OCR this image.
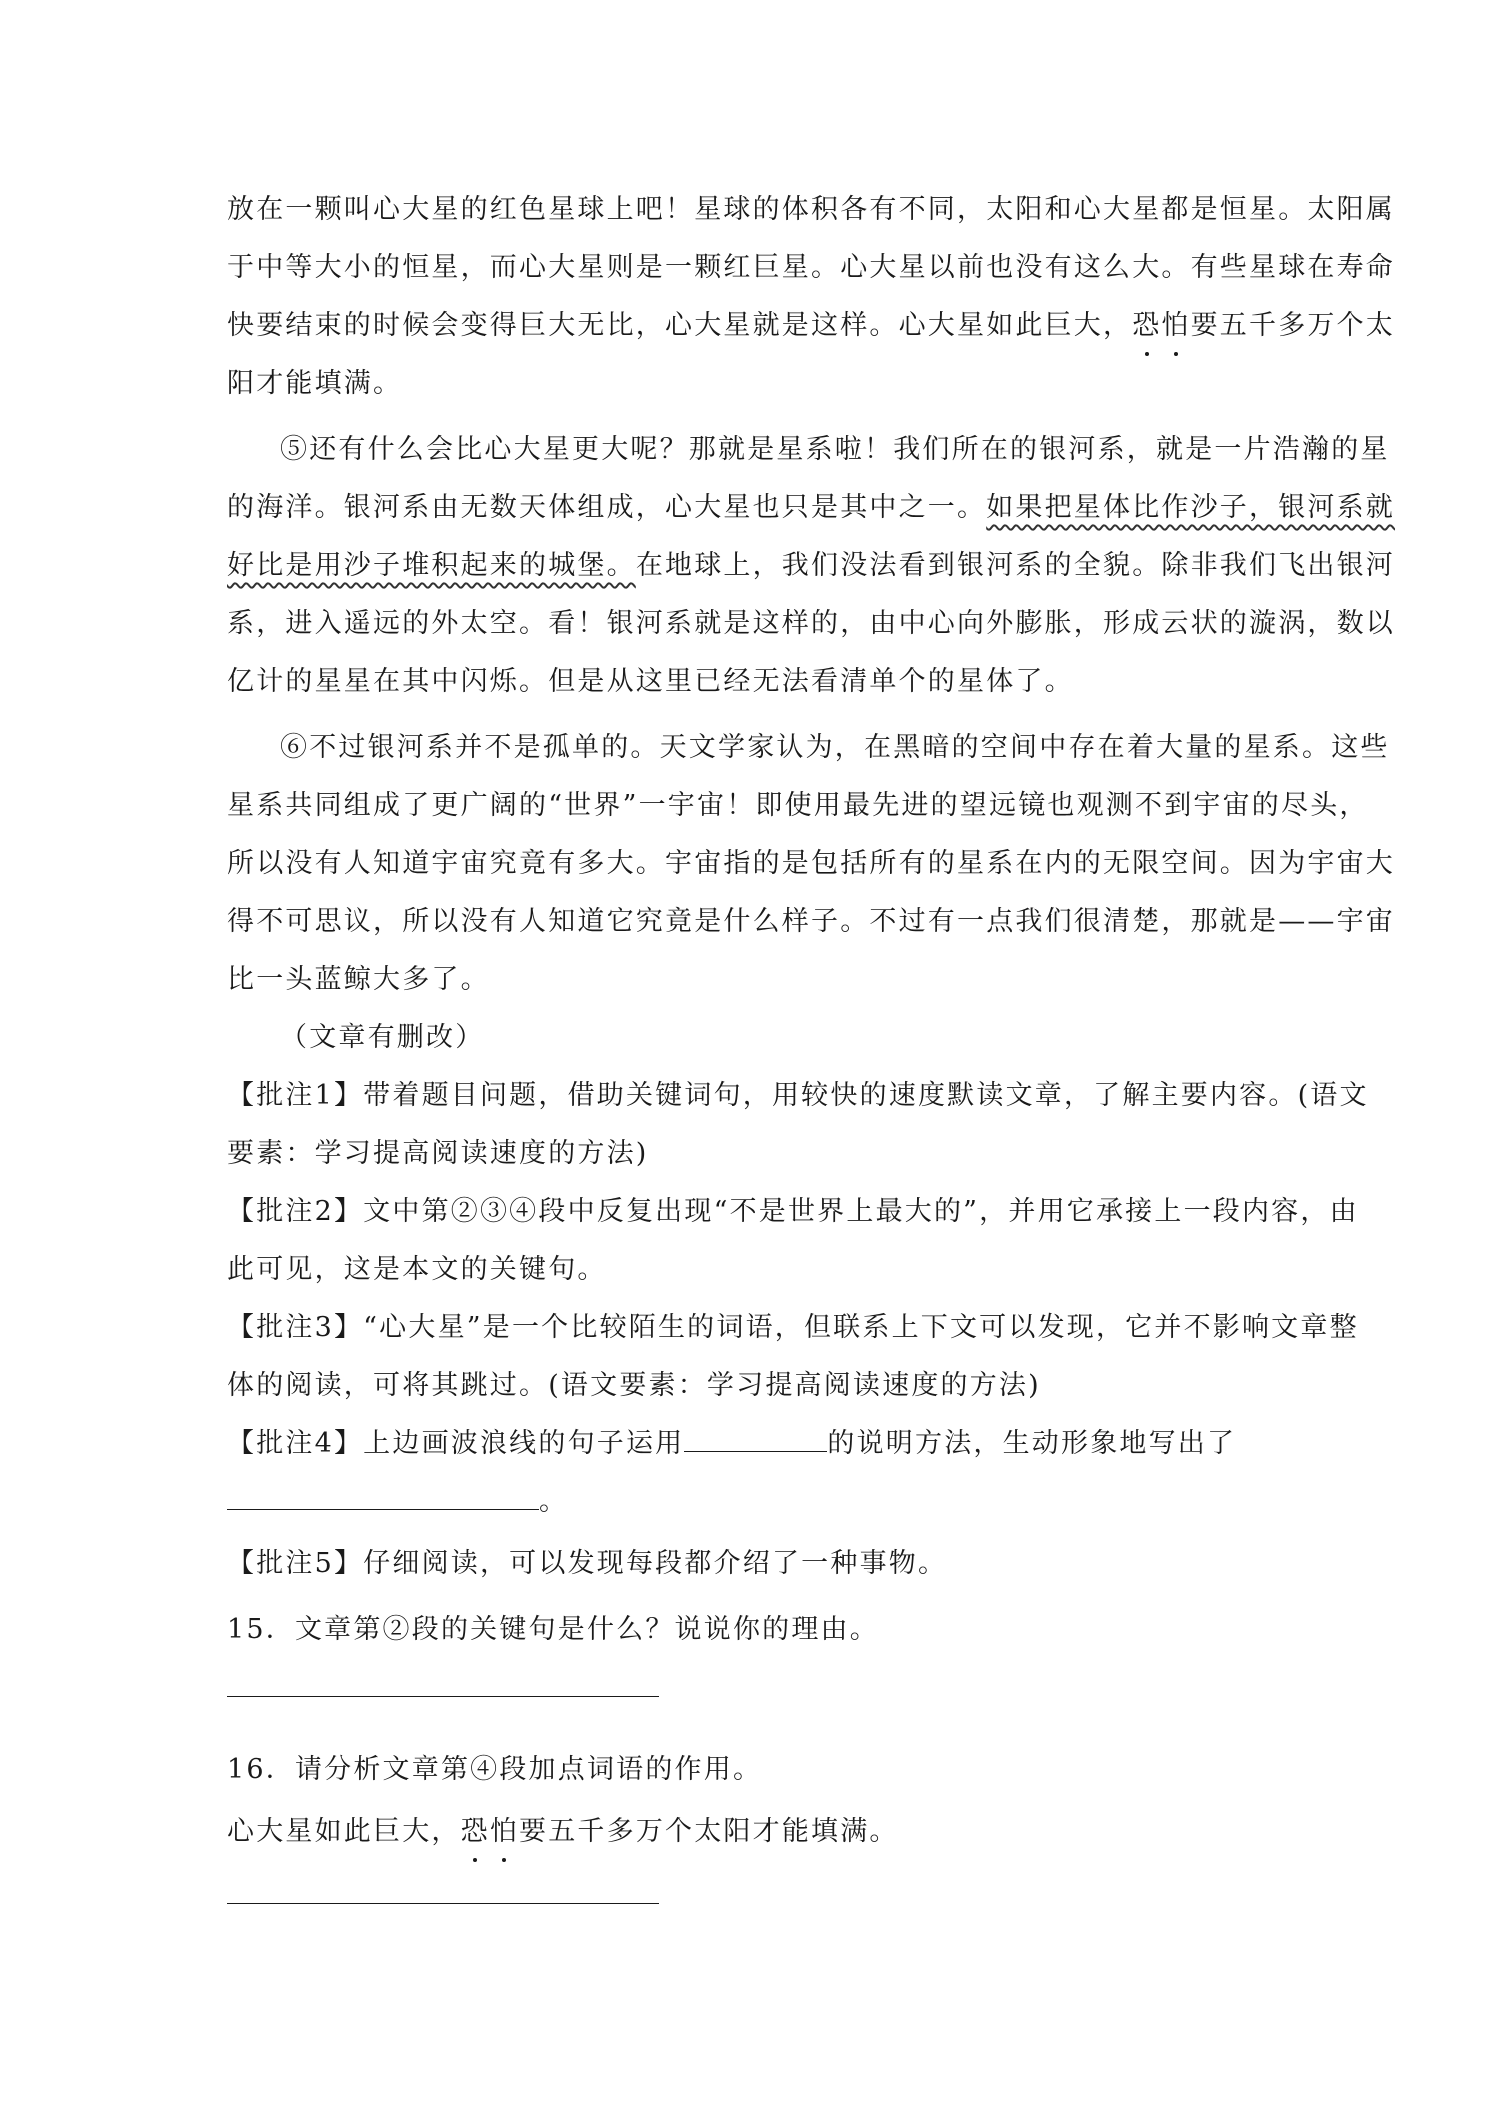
放在一颗叫心大星的红色星球上吧！星球的体积各有不同，太阳和心大星都是恒星。太阳属
于中等大小的恒星，而心大星则是一颗红巨星。心大星以前也没有这么大。有些星球在寿命
快要结束的时候会变得巨大无比，心大星就是这样。心大星如此巨大，恐怕要五千多万个太
阳才能填满。
⑤还有什么会比心大星更大呢？那就是星系啦！我们所在的银河系，就是一片浩瀚的星
的海洋。银河系由无数天体组成，心大星也只是其中之一。如果把星体比作沙子，银河系就
好比是用沙子堆积起来的城堡。在地球上，我们没法看到银河系的全貌。除非我们飞出银河
系，进入遥远的外太空。看！银河系就是这样的，由中心向外膨胀，形成云状的漩涡，数以
亿计的星星在其中闪烁。但是从这里已经无法看清单个的星体了。
⑥不过银河系并不是孤单的。天文学家认为，在黑暗的空间中存在着大量的星系。这些
星系共同组成了更广阔的“世界”一宇宙！即使用最先进的望远镜也观测不到宇宙的尽头，
所以没有人知道宇宙究竟有多大。宇宙指的是包括所有的星系在内的无限空间。因为宇宙大
得不可思议，所以没有人知道它究竟是什么样子。不过有一点我们很清楚，那就是——宇宙
比一头蓝鲸大多了。
（文章有删改）
【批注1】带着题目问题，借助关键词句，用较快的速度默读文章，了解主要内容。(语文
要素：学习提高阅读速度的方法)
【批注2】文中第②③④段中反复出现“不是世界上最大的”，并用它承接上一段内容，由
此可见，这是本文的关键句。
【批注3】“心大星”是一个比较陌生的词语，但联系上下文可以发现，它并不影响文章整
体的阅读，可将其跳过。(语文要素：学习提高阅读速度的方法)
【批注4】上边画波浪线的句子运用	的说明方法，生动形象地写出了
。
【批注5】仔细阅读，可以发现每段都介绍了一种事物。
15．文章第②段的关键句是什么？说说你的理由。
16．请分析文章第④段加点词语的作用。
心大星如此巨大，恐怕要五千多万个太阳才能填满。
